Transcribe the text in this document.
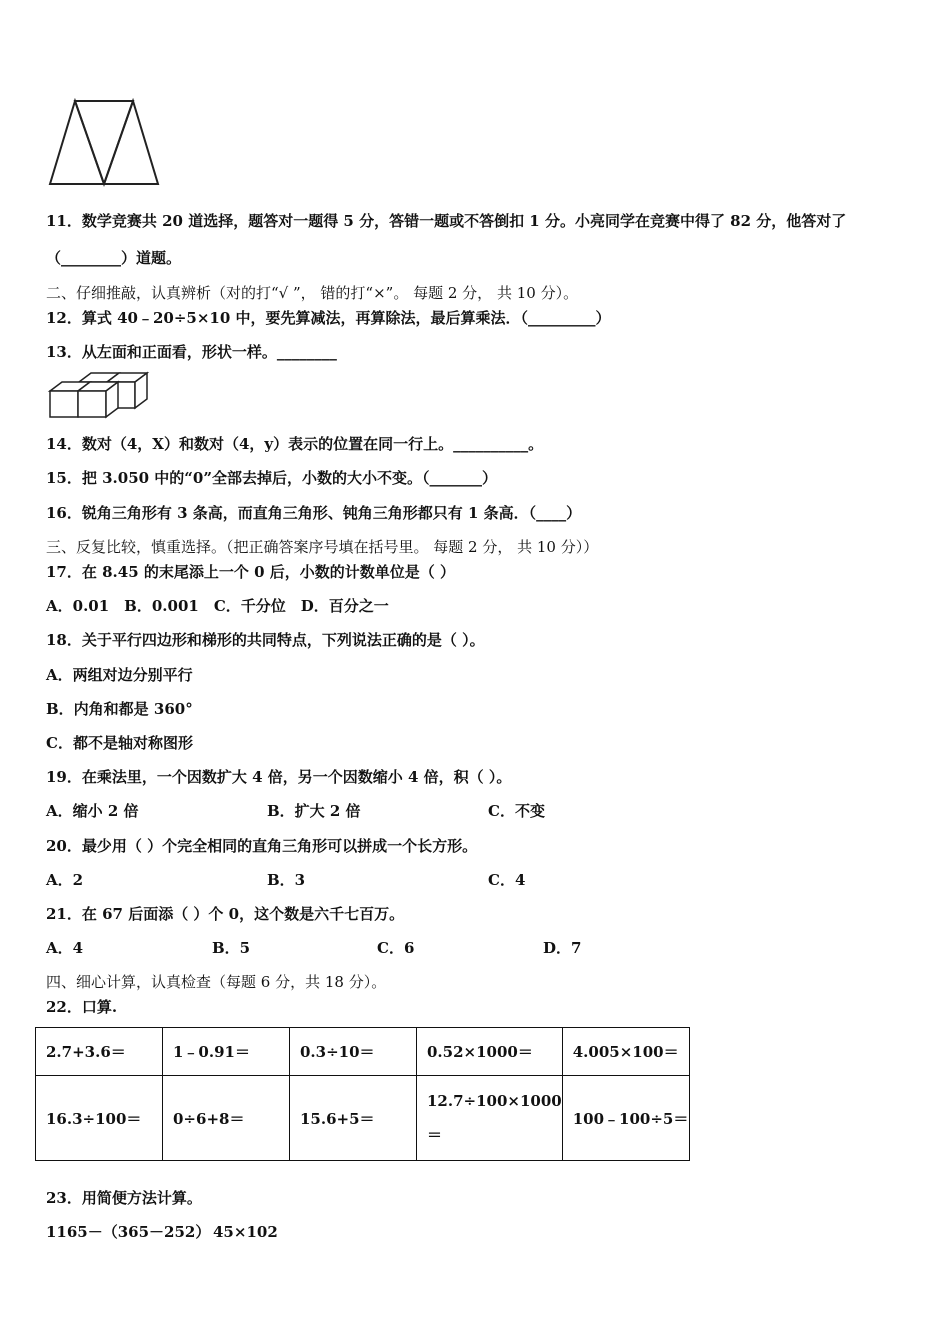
11．数学竞赛共 20 道选择，题答对一题得 5 分，答错一题或不答倒扣 1 分。小亮同学在竞赛中得了 82 分，他答对了
（________）道题。
二、仔细推敲，认真辨析（对的打“√ ”， 错的打“×”。 每题 2 分， 共 10 分）。
12．算式 40﹣20÷5×10 中，要先算减法，再算除法，最后算乘法．（_________）
13．从左面和正面看，形状一样。________
14．数对（4，X）和数对（4，y）表示的位置在同一行上。__________。
15．把 3.050 中的“0”全部去掉后，小数的大小不变。（_______）
16．锐角三角形有 3 条高，而直角三角形、钝角三角形都只有 1 条高．（____）
三、反复比较，慎重选择。（把正确答案序号填在括号里。 每题 2 分， 共 10 分））
17．在 8.45 的末尾添上一个 0 后，小数的计数单位是（ ）
A．0.01　B．0.001　C．千分位　D．百分之一
18．关于平行四边形和梯形的共同特点，下列说法正确的是（ ）。
A．两组对边分别平行
B．内角和都是 360°
C．都不是轴对称图形
19．在乘法里，一个因数扩大 4 倍，另一个因数缩小 4 倍，积（ ）。
A．缩小 2 倍	B．扩大 2 倍	C．不变
20．最少用（ ）个完全相同的直角三角形可以拼成一个长方形。
A．2	B．3	C．4
21．在 67 后面添（ ）个 0，这个数是六千七百万。
A．4	B．5	C．6	D．7
四、细心计算，认真检查（每题 6 分，共 18 分）。
22．口算.
2.7+3.6＝	1﹣0.91＝	0.3÷10＝	0.52×1000＝	4.005×100＝
16.3÷100＝	0÷6+8＝	15.6+5＝	12.7÷100×1000
＝	100﹣100÷5＝
23．用简便方法计算。
1165－（365－252） 45×102
